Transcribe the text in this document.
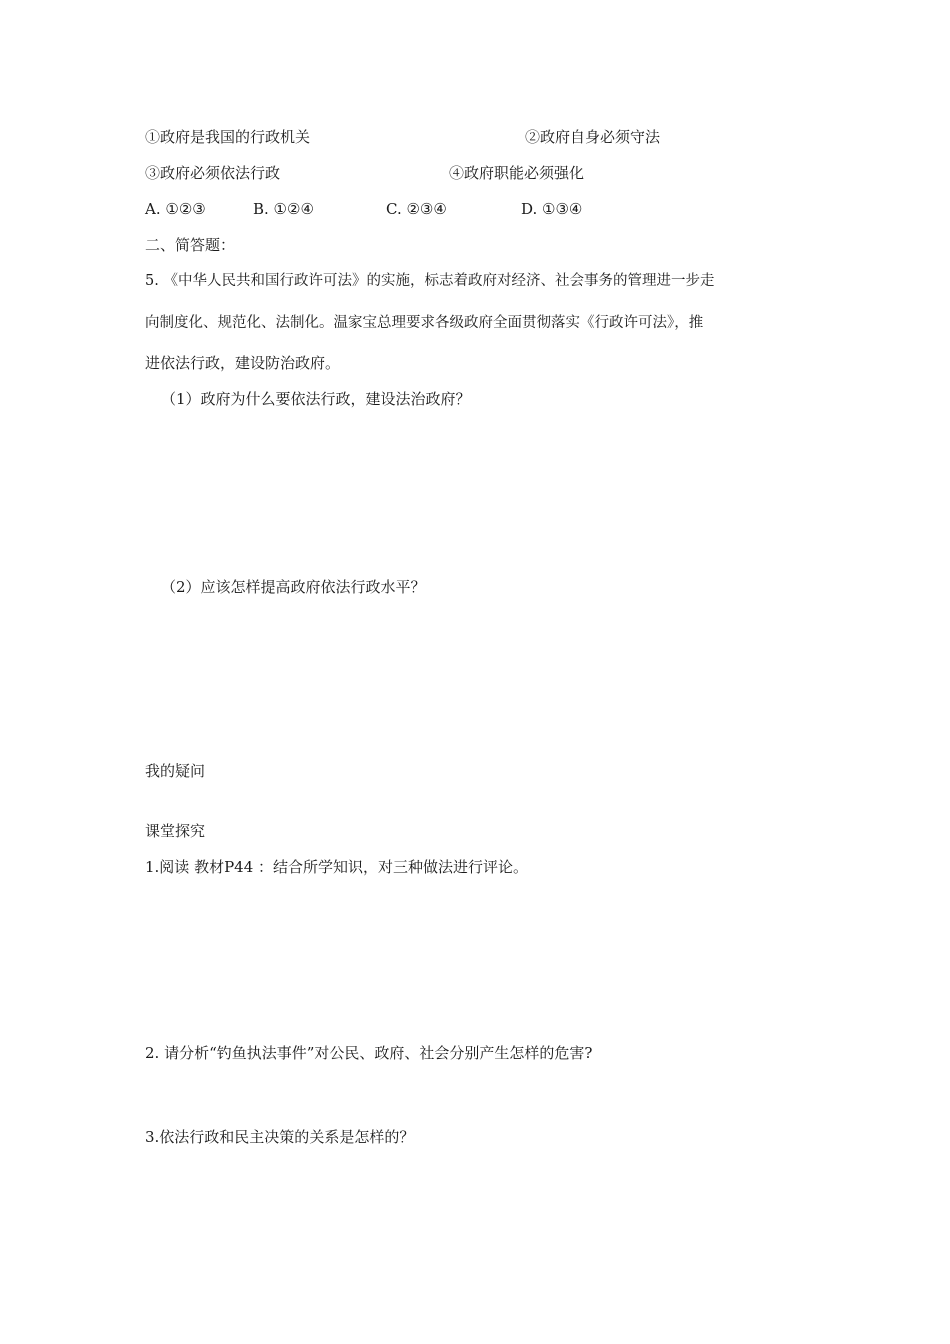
①政府是我国的行政机关	②政府自身必须守法
③政府必须依法行政	④政府职能必须强化
A. ①②③	B. ①②④	C. ②③④	D. ①③④
二、简答题：
5. 《中华人民共和国行政许可法》的实施，标志着政府对经济、社会事务的管理进一步走
向制度化、规范化、法制化。温家宝总理要求各级政府全面贯彻落实《行政许可法》，推
进依法行政，建设防治政府。
（1）政府为什么要依法行政，建设法治政府？
（2）应该怎样提高政府依法行政水平？
我的疑问
课堂探究
1.阅读 教材P44 ：结合所学知识，对三种做法进行评论。
2. 请分析“钓鱼执法事件”对公民、政府、社会分别产生怎样的危害?
3.依法行政和民主决策的关系是怎样的？
